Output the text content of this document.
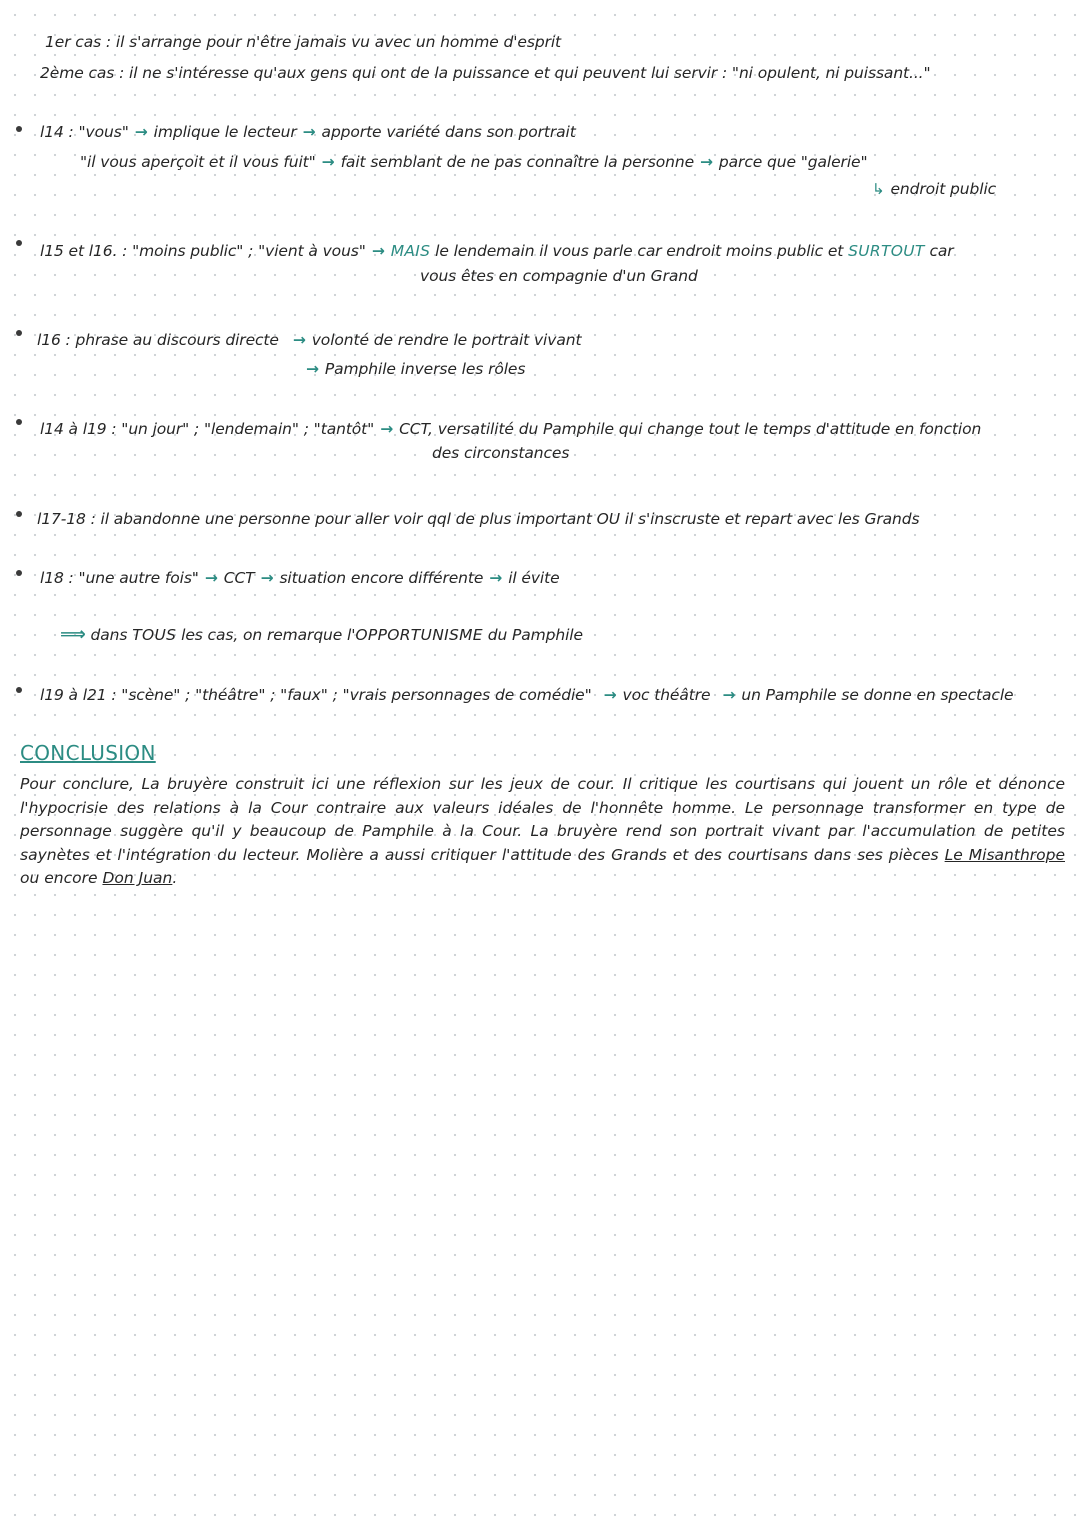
1er cas : il s'arrange pour n'être jamais vu avec un homme d'esprit
2ème cas : il ne s'intéresse qu'aux gens qui ont de la puissance et qui peuvent lui servir : "ni opulent, ni puissant..."
l14 : "vous" → implique le lecteur → apporte variété dans son portrait
"il vous aperçoit et il vous fuit" → fait semblant de ne pas connaître la personne → parce que "galerie"
↳ endroit public
l15 et l16. : "moins public" ; "vient à vous" → MAIS le lendemain il vous parle car endroit moins public et SURTOUT car
vous êtes en compagnie d'un Grand
l16 : phrase au discours directe → volonté de rendre le portrait vivant
→ Pamphile inverse les rôles
l14 à l19 : "un jour" ; "lendemain" ; "tantôt" → CCT, versatilité du Pamphile qui change tout le temps d'attitude en fonction
des circonstances
l17-18 : il abandonne une personne pour aller voir qql de plus important OU il s'inscruste et repart avec les Grands
l18 : "une autre fois" → CCT → situation encore différente → il évite
⟹ dans TOUS les cas, on remarque l'OPPORTUNISME du Pamphile
l19 à l21 : "scène" ; "théâtre" ; "faux" ; "vrais personnages de comédie" → voc théâtre → un Pamphile se donne en spectacle
CONCLUSION
Pour conclure, La bruyère construit ici une réflexion sur les jeux de cour. Il critique les courtisans qui jouent un rôle et dénonce l'hypocrisie des relations à la Cour contraire aux valeurs idéales de l'honnête homme. Le personnage transformer en type de personnage suggère qu'il y beaucoup de Pamphile à la Cour. La bruyère rend son portrait vivant par l'accumulation de petites saynètes et l'intégration du lecteur. Molière a aussi critiquer l'attitude des Grands et des courtisans dans ses pièces Le Misanthrope ou encore Don Juan.
